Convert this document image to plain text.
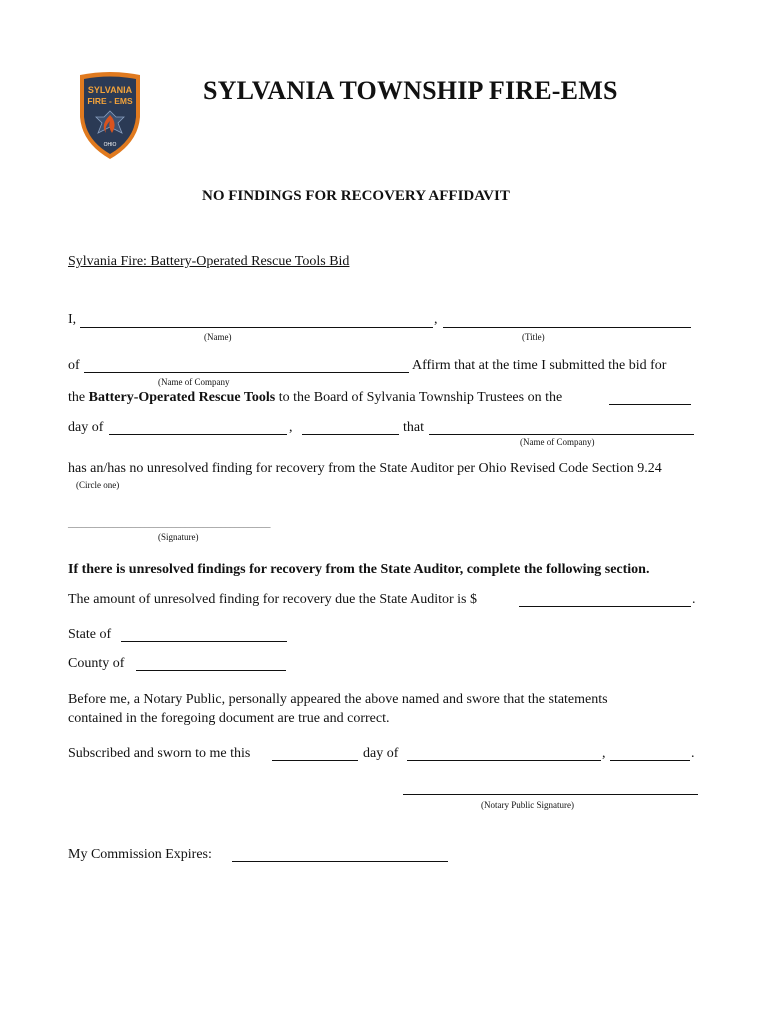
SYLVANIA
FIRE - EMS
OHIO
SYLVANIA TOWNSHIP FIRE-EMS
NO FINDINGS FOR RECOVERY AFFIDAVIT
Sylvania Fire: Battery-Operated Rescue Tools Bid
I,	,
(Name)	(Title)
of	Affirm that at the time I submitted the bid for
(Name of Company
the Battery-Operated Rescue Tools to the Board of Sylvania Township Trustees on the
day of	,	that
(Name of Company)
has an/has no unresolved finding for recovery from the State Auditor per Ohio Revised Code Section 9.24
(Circle one)
_____________________________________________
(Signature)
If there is unresolved findings for recovery from the State Auditor, complete the following section.
The amount of unresolved finding for recovery due the State Auditor is $	.
State of
County of
Before me, a Notary Public, personally appeared the above named and swore that the statements
contained in the foregoing document are true and correct.
Subscribed and sworn to me this	day of	,	.
(Notary Public Signature)
My Commission Expires:
